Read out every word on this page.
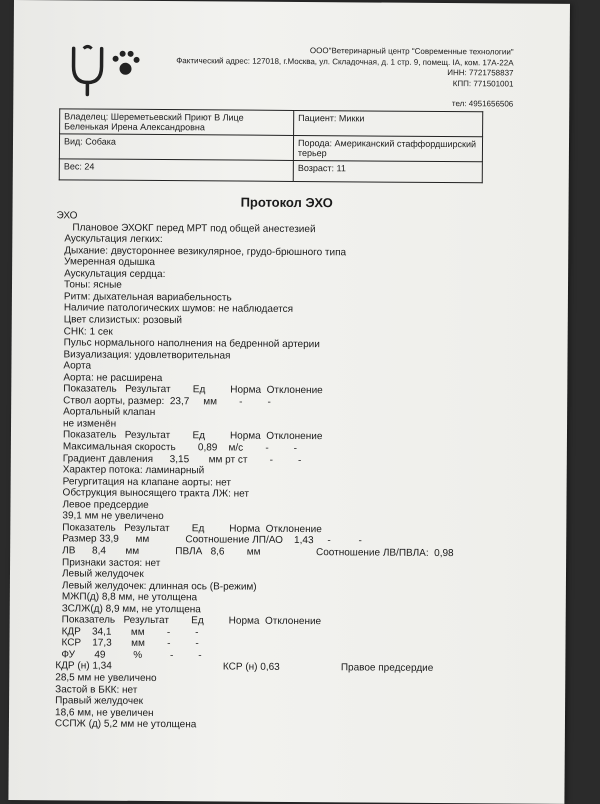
ООО"Ветеринарный центр "Современные технологии"
Фактический адрес: 127018, г.Москва, ул. Складочная, д. 1 стр. 9, помещ. IA, ком. 17А-22А
ИНН: 7721758837
КПП: 771501001
тел: 4951656506
Владелец: Шереметьевский Приют В Лице Беленькая Ирена Александровна	Пациент: Микки
Вид: Собака	Порода: Американский стаффордширский терьер
Вес: 24	Возраст: 11
Протокол ЭХО
ЭХО
Плановое ЭХОКГ перед МРТ под общей анестезией
Аускультация легких:
Дыхание: двустороннее везикулярное, грудо-брюшного типа
Умеренная одышка
Аускультация сердца:
Тоны: ясные
Ритм: дыхательная вариабельность
Наличие патологических шумов: не наблюдается
Цвет слизистых: розовый
СНК: 1 сек
Пульс нормального наполнения на бедренной артерии
Визуализация: удовлетворительная
Аорта
Аорта: не расширена
Показатель   Результат        Ед         Норма  Отклонение
Ствол аорты, размер:  23,7     мм        -         -
Аортальный клапан
не изменён
Показатель   Результат        Ед         Норма  Отклонение
Максимальная скорость        0,89    м/с        -         -
Градиент давления      3,15       мм рт ст        -         -
Характер потока: ламинарный
Регургитация на клапане аорты: нет
Обструкция выносящего тракта ЛЖ: нет
Левое предсердие
39,1 мм не увеличено
Показатель   Результат        Ед         Норма  Отклонение
Размер 33,9      мм             Соотношение ЛП/АО    1,43     -          -
ЛВ      8,4       мм             ПВЛА   8,6        мм                    Соотношение ЛВ/ПВЛА:  0,98
Признаки застоя: нет
Левый желудочек
Левый желудочек: длинная ось (В-режим)
МЖП(д) 8,8 мм, не утолщена
ЗСЛЖ(д) 8,9 мм, не утолщена
Показатель   Результат        Ед         Норма  Отклонение
КДР    34,1       мм        -         -
КСР    17,3       мм        -         -
ФУ       49          %          -         -
КДР (н) 1,34                                        КСР (н) 0,63                      Правое предсердие
28,5 мм не увеличено
Застой в БКК: нет
Правый желудочек
18,6 мм, не увеличен
ССПЖ (д) 5,2 мм не утолщена
